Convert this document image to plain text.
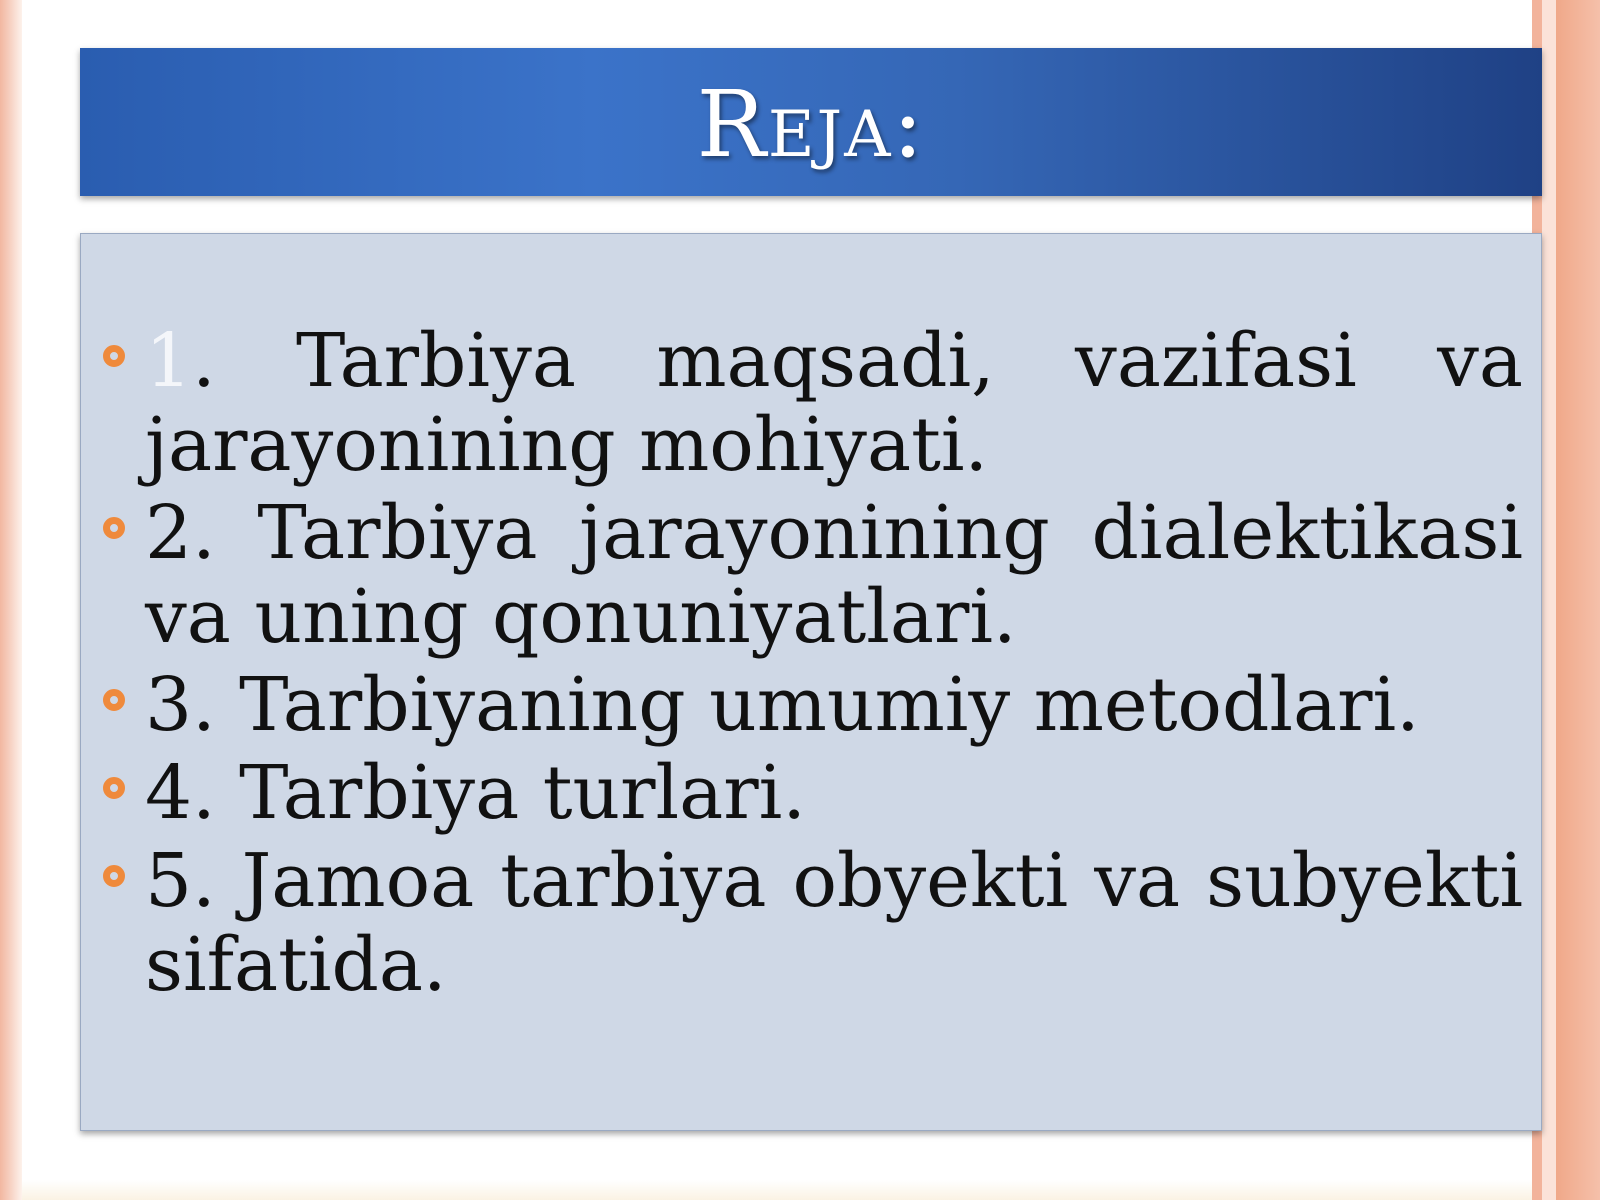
Reja:
1. Tarbiya maqsadi, vazifasi va jarayonining mohiyati.
2. Tarbiya jarayonining dialektikasi va uning qonuniyatlari.
3. Tarbiyaning umumiy metodlari.
4. Tarbiya turlari.
5. Jamoa tarbiya obyekti va subyekti sifatida.
